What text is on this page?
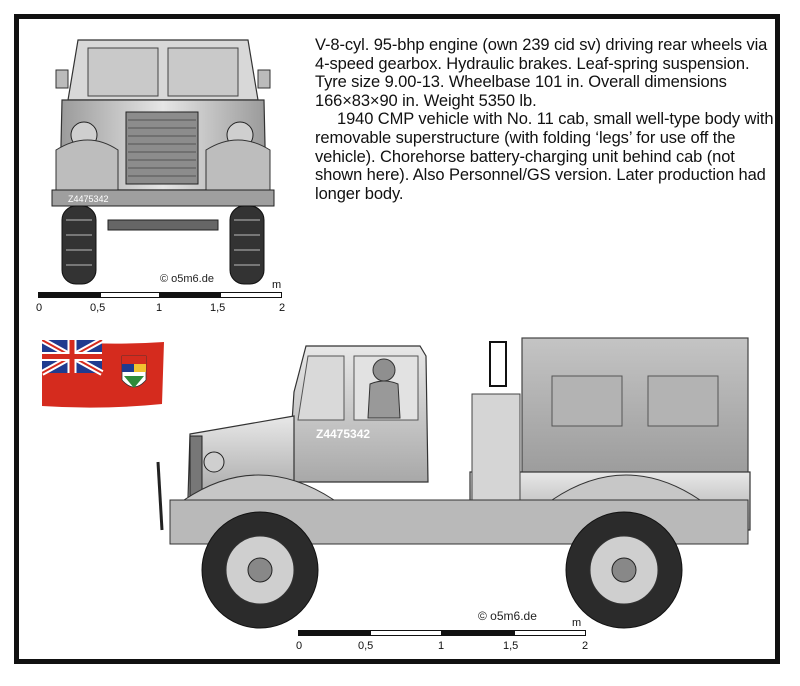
V-8-cyl. 95-bhp engine (own 239 cid sv) driving rear wheels via 4-speed gearbox. Hydraulic brakes. Leaf-spring suspension. Tyre size 9.00-13. Wheelbase 101 in. Overall dimensions 166×83×90 in. Weight 5350 lb.

1940 CMP vehicle with No. 11 cab, small well-type body with removable superstructure (with folding ‘legs’ for use off the vehicle). Chorehorse battery-charging unit behind cab (not shown here). Also Personnel/GS version. Later production had longer body.

Z4475342
© o5m6.de	m
0	0,5	1	1,5	2
Z4475342
© o5m6.de	m
0	0,5	1	1,5	2
